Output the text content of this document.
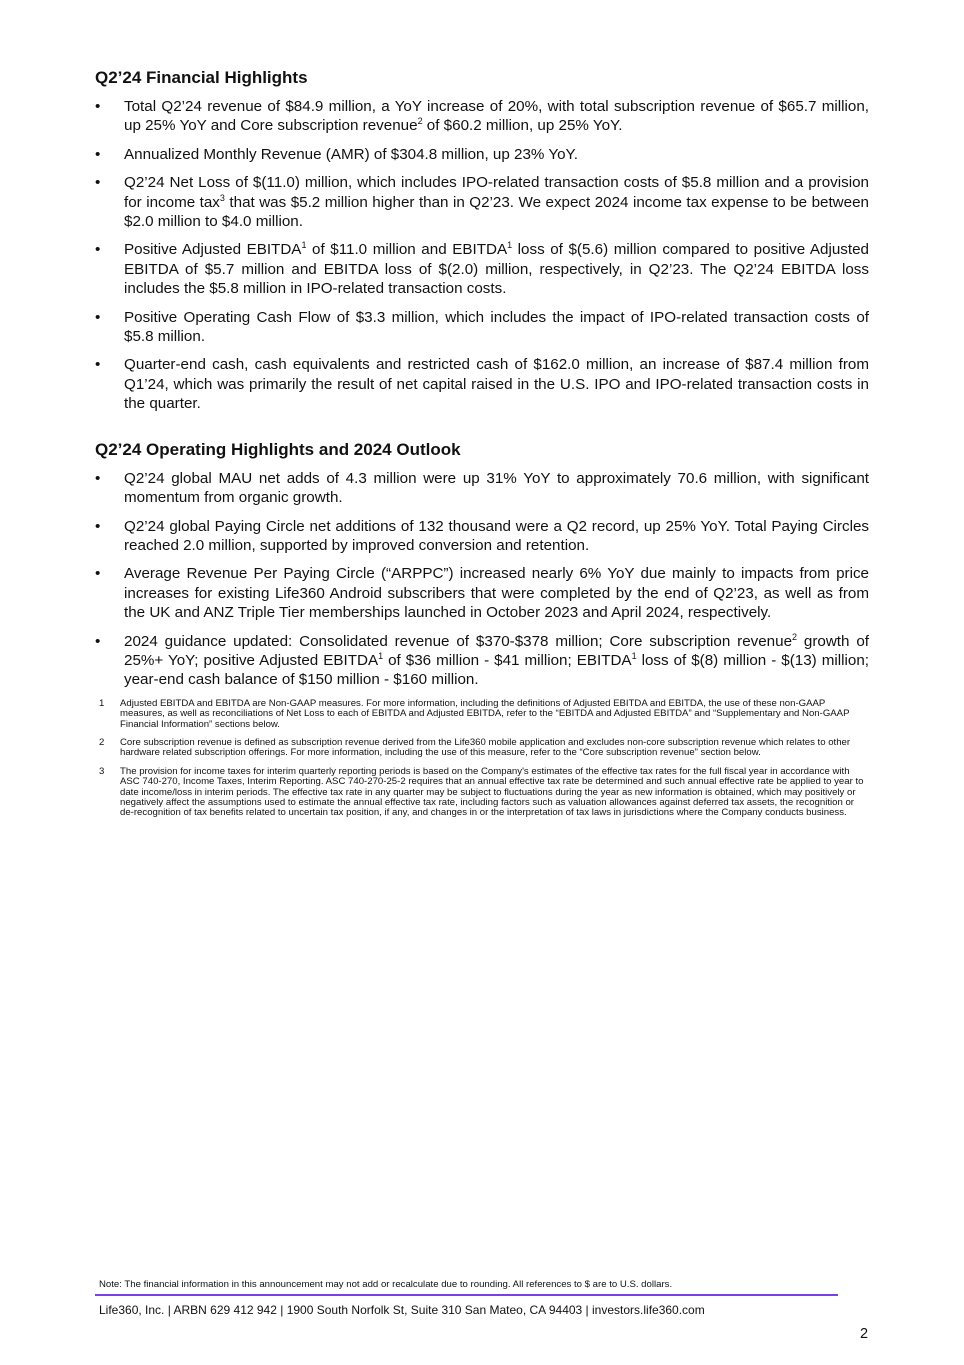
Q2’24 Financial Highlights
• Total Q2’24 revenue of $84.9 million, a YoY increase of 20%, with total subscription revenue of $65.7 million, up 25% YoY and Core subscription revenue$^2$ of $60.2 million, up 25% YoY.
• Annualized Monthly Revenue (AMR) of $304.8 million, up 23% YoY.
• Q2’24 Net Loss of $(11.0) million, which includes IPO-related transaction costs of $5.8 million and a provision for income tax$^3$ that was $5.2 million higher than in Q2’23. We expect 2024 income tax expense to be between $2.0 million to $4.0 million.
• Positive Adjusted EBITDA$^1$ of $11.0 million and EBITDA$^1$ loss of $(5.6) million compared to positive Adjusted EBITDA of $5.7 million and EBITDA loss of $(2.0) million, respectively, in Q2’23. The Q2’24 EBITDA loss includes the $5.8 million in IPO-related transaction costs.
• Positive Operating Cash Flow of $3.3 million, which includes the impact of IPO-related transaction costs of $5.8 million.
• Quarter-end cash, cash equivalents and restricted cash of $162.0 million, an increase of $87.4 million from Q1’24, which was primarily the result of net capital raised in the U.S. IPO and IPO-related transaction costs in the quarter.
Q2’24 Operating Highlights and 2024 Outlook
• Q2’24 global MAU net adds of 4.3 million were up 31% YoY to approximately 70.6 million, with significant momentum from organic growth.
• Q2’24 global Paying Circle net additions of 132 thousand were a Q2 record, up 25% YoY. Total Paying Circles reached 2.0 million, supported by improved conversion and retention.
• Average Revenue Per Paying Circle (“ARPPC”) increased nearly 6% YoY due mainly to impacts from price increases for existing Life360 Android subscribers that were completed by the end of Q2’23, as well as from the UK and ANZ Triple Tier memberships launched in October 2023 and April 2024, respectively.
• 2024 guidance updated: Consolidated revenue of $370-$378 million; Core subscription revenue$^2$ growth of 25%+ YoY; positive Adjusted EBITDA$^1$ of $36 million - $41 million; EBITDA$^1$ loss of $(8) million - $(13) million; year-end cash balance of $150 million - $160 million.
1 Adjusted EBITDA and EBITDA are Non-GAAP measures. For more information, including the definitions of Adjusted EBITDA and EBITDA, the use of these non-GAAP measures, as well as reconciliations of Net Loss to each of EBITDA and Adjusted EBITDA, refer to the “EBITDA and Adjusted EBITDA” and “Supplementary and Non-GAAP Financial Information” sections below.
2 Core subscription revenue is defined as subscription revenue derived from the Life360 mobile application and excludes non-core subscription revenue which relates to other hardware related subscription offerings. For more information, including the use of this measure, refer to the “Core subscription revenue” section below.
3 The provision for income taxes for interim quarterly reporting periods is based on the Company's estimates of the effective tax rates for the full fiscal year in accordance with ASC 740-270, Income Taxes, Interim Reporting. ASC 740-270-25-2 requires that an annual effective tax rate be determined and such annual effective rate be applied to year to date income/loss in interim periods. The effective tax rate in any quarter may be subject to fluctuations during the year as new information is obtained, which may positively or negatively affect the assumptions used to estimate the annual effective tax rate, including factors such as valuation allowances against deferred tax assets, the recognition or de-recognition of tax benefits related to uncertain tax position, if any, and changes in or the interpretation of tax laws in jurisdictions where the Company conducts business.
Note: The financial information in this announcement may not add or recalculate due to rounding. All references to $ are to U.S. dollars.
Life360, Inc. | ARBN 629 412 942 | 1900 South Norfolk St, Suite 310 San Mateo, CA 94403 | investors.life360.com
2
